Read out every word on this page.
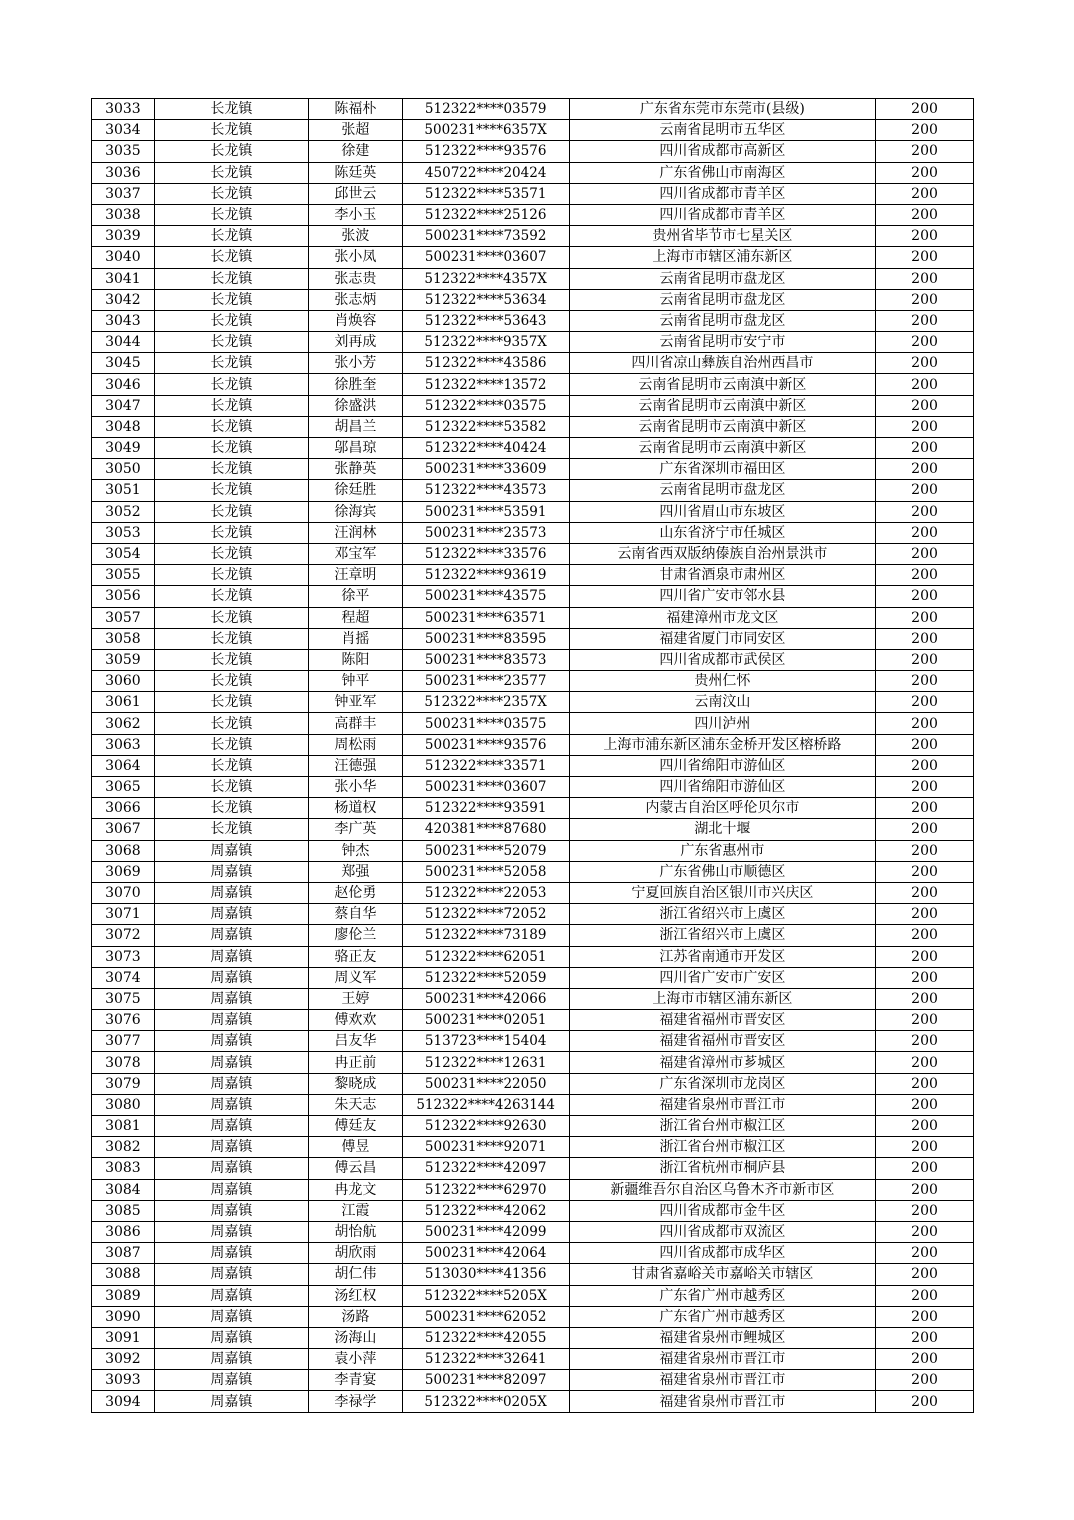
3033	长龙镇	陈福朴	512322****03579	广东省东莞市东莞市(县级)	200
3034	长龙镇	张超	500231****6357X	云南省昆明市五华区	200
3035	长龙镇	徐建	512322****93576	四川省成都市高新区	200
3036	长龙镇	陈廷英	450722****20424	广东省佛山市南海区	200
3037	长龙镇	邱世云	512322****53571	四川省成都市青羊区	200
3038	长龙镇	李小玉	512322****25126	四川省成都市青羊区	200
3039	长龙镇	张波	500231****73592	贵州省毕节市七星关区	200
3040	长龙镇	张小凤	500231****03607	上海市市辖区浦东新区	200
3041	长龙镇	张志贵	512322****4357X	云南省昆明市盘龙区	200
3042	长龙镇	张志炳	512322****53634	云南省昆明市盘龙区	200
3043	长龙镇	肖焕容	512322****53643	云南省昆明市盘龙区	200
3044	长龙镇	刘再成	512322****9357X	云南省昆明市安宁市	200
3045	长龙镇	张小芳	512322****43586	四川省凉山彝族自治州西昌市	200
3046	长龙镇	徐胜奎	512322****13572	云南省昆明市云南滇中新区	200
3047	长龙镇	徐盛洪	512322****03575	云南省昆明市云南滇中新区	200
3048	长龙镇	胡昌兰	512322****53582	云南省昆明市云南滇中新区	200
3049	长龙镇	邬昌琼	512322****40424	云南省昆明市云南滇中新区	200
3050	长龙镇	张静英	500231****33609	广东省深圳市福田区	200
3051	长龙镇	徐廷胜	512322****43573	云南省昆明市盘龙区	200
3052	长龙镇	徐海宾	500231****53591	四川省眉山市东坡区	200
3053	长龙镇	汪润林	500231****23573	山东省济宁市任城区	200
3054	长龙镇	邓宝军	512322****33576	云南省西双版纳傣族自治州景洪市	200
3055	长龙镇	汪章明	512322****93619	甘肃省酒泉市肃州区	200
3056	长龙镇	徐平	500231****43575	四川省广安市邻水县	200
3057	长龙镇	程超	500231****63571	福建漳州市龙文区	200
3058	长龙镇	肖摇	500231****83595	福建省厦门市同安区	200
3059	长龙镇	陈阳	500231****83573	四川省成都市武侯区	200
3060	长龙镇	钟平	500231****23577	贵州仁怀	200
3061	长龙镇	钟亚军	512322****2357X	云南汶山	200
3062	长龙镇	高群丰	500231****03575	四川泸州	200
3063	长龙镇	周松雨	500231****93576	上海市浦东新区浦东金桥开发区榕桥路	200
3064	长龙镇	汪德强	512322****33571	四川省绵阳市游仙区	200
3065	长龙镇	张小华	500231****03607	四川省绵阳市游仙区	200
3066	长龙镇	杨道权	512322****93591	内蒙古自治区呼伦贝尔市	200
3067	长龙镇	李广英	420381****87680	湖北十堰	200
3068	周嘉镇	钟杰	500231****52079	广东省惠州市	200
3069	周嘉镇	郑强	500231****52058	广东省佛山市顺德区	200
3070	周嘉镇	赵伦勇	512322****22053	宁夏回族自治区银川市兴庆区	200
3071	周嘉镇	蔡自华	512322****72052	浙江省绍兴市上虞区	200
3072	周嘉镇	廖伦兰	512322****73189	浙江省绍兴市上虞区	200
3073	周嘉镇	骆正友	512322****62051	江苏省南通市开发区	200
3074	周嘉镇	周义军	512322****52059	四川省广安市广安区	200
3075	周嘉镇	王婷	500231****42066	上海市市辖区浦东新区	200
3076	周嘉镇	傅欢欢	500231****02051	福建省福州市晋安区	200
3077	周嘉镇	吕友华	513723****15404	福建省福州市晋安区	200
3078	周嘉镇	冉正前	512322****12631	福建省漳州市芗城区	200
3079	周嘉镇	黎晓成	500231****22050	广东省深圳市龙岗区	200
3080	周嘉镇	朱天志	512322****4263144	福建省泉州市晋江市	200
3081	周嘉镇	傅廷友	512322****92630	浙江省台州市椒江区	200
3082	周嘉镇	傅昱	500231****92071	浙江省台州市椒江区	200
3083	周嘉镇	傅云昌	512322****42097	浙江省杭州市桐庐县	200
3084	周嘉镇	冉龙文	512322****62970	新疆维吾尔自治区乌鲁木齐市新市区	200
3085	周嘉镇	江霞	512322****42062	四川省成都市金牛区	200
3086	周嘉镇	胡怡航	500231****42099	四川省成都市双流区	200
3087	周嘉镇	胡欣雨	500231****42064	四川省成都市成华区	200
3088	周嘉镇	胡仁伟	513030****41356	甘肃省嘉峪关市嘉峪关市辖区	200
3089	周嘉镇	汤红权	512322****5205X	广东省广州市越秀区	200
3090	周嘉镇	汤路	500231****62052	广东省广州市越秀区	200
3091	周嘉镇	汤海山	512322****42055	福建省泉州市鲤城区	200
3092	周嘉镇	袁小萍	512322****32641	福建省泉州市晋江市	200
3093	周嘉镇	李青宴	500231****82097	福建省泉州市晋江市	200
3094	周嘉镇	李禄学	512322****0205X	福建省泉州市晋江市	200
